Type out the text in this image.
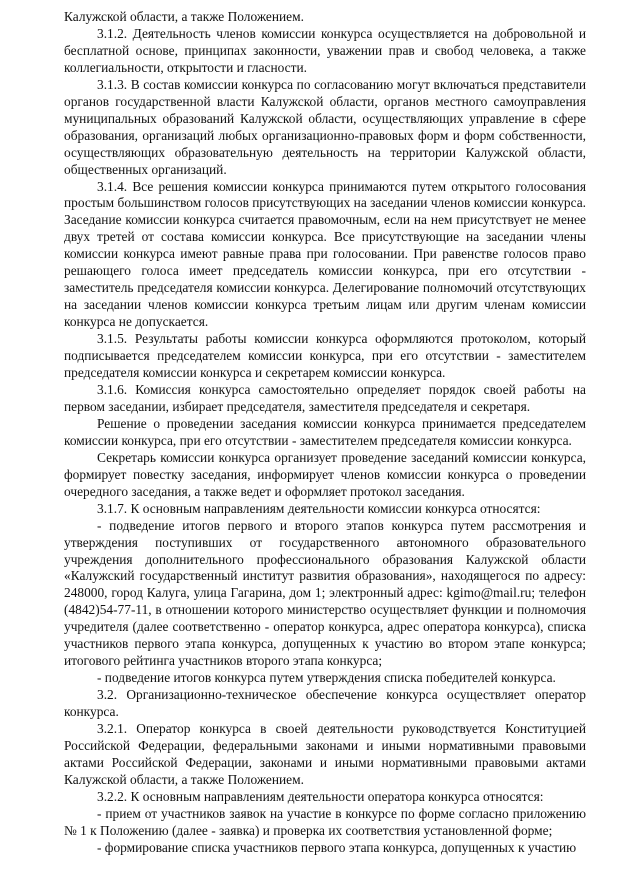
Калужской области, а также Положением.

3.1.2. Деятельность членов комиссии конкурса осуществляется на добровольной и бесплатной основе, принципах законности, уважении прав и свобод человека, а также коллегиальности, открытости и гласности.

3.1.3. В состав комиссии конкурса по согласованию могут включаться представители органов государственной власти Калужской области, органов местного самоуправления муниципальных образований Калужской области, осуществляющих управление в сфере образования, организаций любых организационно-правовых форм и форм собственности, осуществляющих образовательную деятельность на территории Калужской области, общественных организаций.

3.1.4. Все решения комиссии конкурса принимаются путем открытого голосования простым большинством голосов присутствующих на заседании членов комиссии конкурса. Заседание комиссии конкурса считается правомочным, если на нем присутствует не менее двух третей от состава комиссии конкурса. Все присутствующие на заседании члены комиссии конкурса имеют равные права при голосовании. При равенстве голосов право решающего голоса имеет председатель комиссии конкурса, при его отсутствии - заместитель председателя комиссии конкурса. Делегирование полномочий отсутствующих на заседании членов комиссии конкурса третьим лицам или другим членам комиссии конкурса не допускается.

3.1.5. Результаты работы комиссии конкурса оформляются протоколом, который подписывается председателем комиссии конкурса, при его отсутствии - заместителем председателя комиссии конкурса и секретарем комиссии конкурса.

3.1.6. Комиссия конкурса самостоятельно определяет порядок своей работы на первом заседании, избирает председателя, заместителя председателя и секретаря.

Решение о проведении заседания комиссии конкурса принимается председателем комиссии конкурса, при его отсутствии - заместителем председателя комиссии конкурса.

Секретарь комиссии конкурса организует проведение заседаний комиссии конкурса, формирует повестку заседания, информирует членов комиссии конкурса о проведении очередного заседания, а также ведет и оформляет протокол заседания.

3.1.7. К основным направлениям деятельности комиссии конкурса относятся:

- подведение итогов первого и второго этапов конкурса путем рассмотрения и утверждения поступивших от государственного автономного образовательного учреждения дополнительного профессионального образования Калужской области «Калужский государственный институт развития образования», находящегося по адресу: 248000, город Калуга, улица Гагарина, дом 1; электронный адрес: kgimo@mail.ru; телефон (4842)54-77-11, в отношении которого министерство осуществляет функции и полномочия учредителя (далее соответственно - оператор конкурса, адрес оператора конкурса), списка участников первого этапа конкурса, допущенных к участию во втором этапе конкурса; итогового рейтинга участников второго этапа конкурса;

- подведение итогов конкурса путем утверждения списка победителей конкурса.

3.2. Организационно-техническое обеспечение конкурса осуществляет оператор конкурса.

3.2.1. Оператор конкурса в своей деятельности руководствуется Конституцией Российской Федерации, федеральными законами и иными нормативными правовыми актами Российской Федерации, законами и иными нормативными правовыми актами Калужской области, а также Положением.

3.2.2. К основным направлениям деятельности оператора конкурса относятся:

- прием от участников заявок на участие в конкурсе по форме согласно приложению № 1 к Положению (далее - заявка) и проверка их соответствия установленной форме;

- формирование списка участников первого этапа конкурса, допущенных к участию
